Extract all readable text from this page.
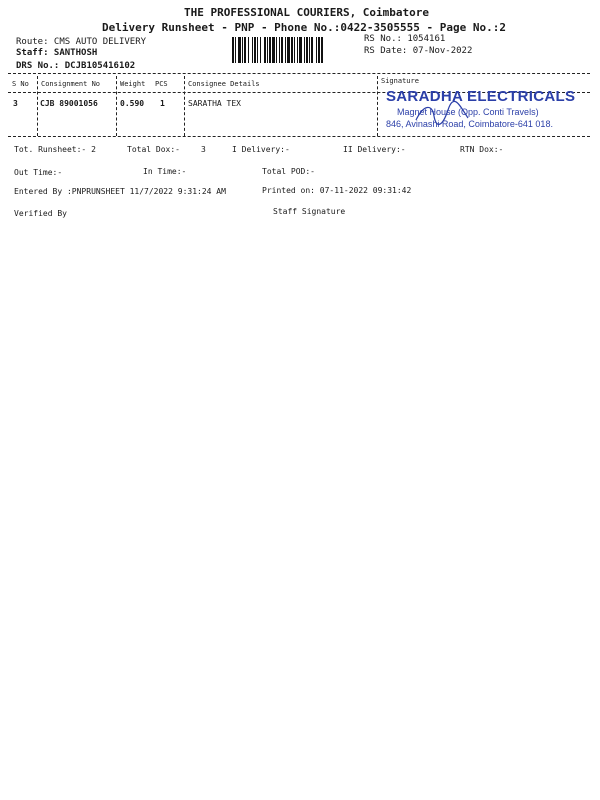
THE PROFESSIONAL COURIERS, Coimbatore
Delivery Runsheet - PNP - Phone No.:0422-3505555 - Page No.:2
Route: CMS AUTO DELIVERY
Staff: SANTHOSH
DRS No.: DCJB105416102
RS No.: 1054161
RS Date: 07-Nov-2022
S No Consignment No	Weight PCS	Consignee Details	Signature
3	CJB 89001056	0.590 1	SARATHA TEX	SARADHA ELECTRICALS
Magnet House (Opp. Conti Travels)
846, Avinashi Road, Coimbatore-641 018.
Tot. Runsheet:- 2	Total Dox:-	3	I Delivery:-	II Delivery:-	RTN Dox:-
Out Time:-	In Time:-	Total POD:-
Entered By :PNPRUNSHEET 11/7/2022 9:31:24 AM	Printed on: 07-11-2022 09:31:42
Verified By	Staff Signature
